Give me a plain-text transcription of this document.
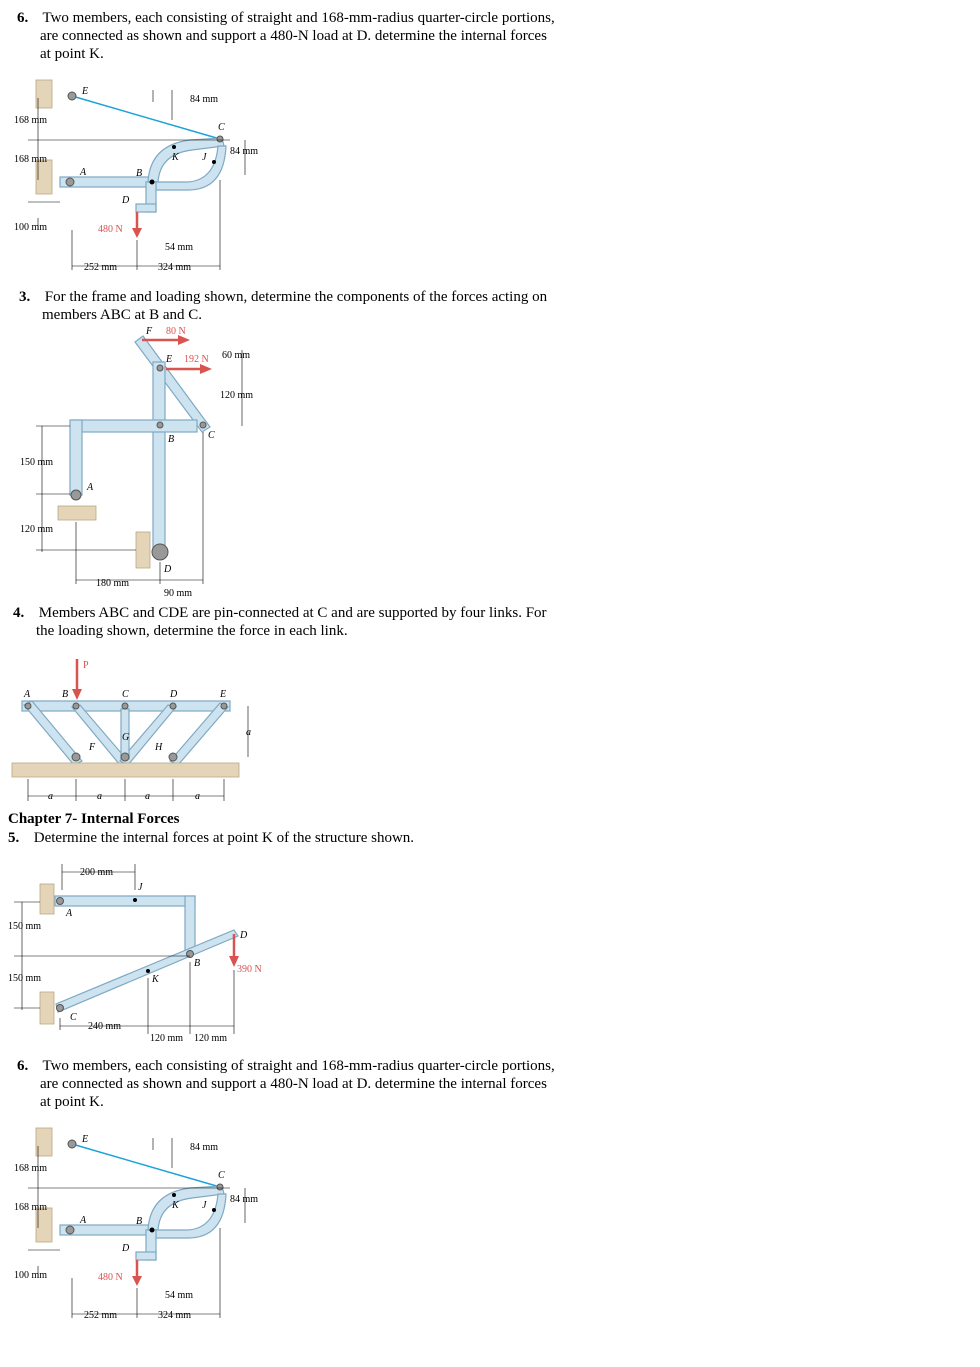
6. Two members, each consisting of straight and 168-mm-radius quarter-circle portions,
are connected as shown and support a 480-N load at D. determine the internal forces
at point K.
168 mm
168 mm
100 mm
84 mm
84 mm
54 mm
252 mm	324 mm
480 N
E
C
K J
A	B
D
3. For the frame and loading shown, determine the components of the forces acting on
members ABC at B and C.
80 N
192 N 60 mm
120 mm
150 mm
120 mm
180 mm
90 mm
F
E
B	C
A
D
4. Members ABC and CDE are pin-connected at C and are supported by four links. For
the loading shown, determine the force in each link.
P
A	B	C	D	E
F
G
H
a
a	a	a	a
Chapter 7- Internal Forces
5. Determine the internal forces at point K of the structure shown.
200 mm
150 mm
150 mm
240 mm
120 mm 120 mm
390 N
J
A
D
B
K
C
6. Two members, each consisting of straight and 168-mm-radius quarter-circle portions,
are connected as shown and support a 480-N load at D. determine the internal forces
at point K.
168 mm
168 mm
100 mm
84 mm
84 mm
54 mm
252 mm	324 mm
480 N
E
C
K J
A	B
D
